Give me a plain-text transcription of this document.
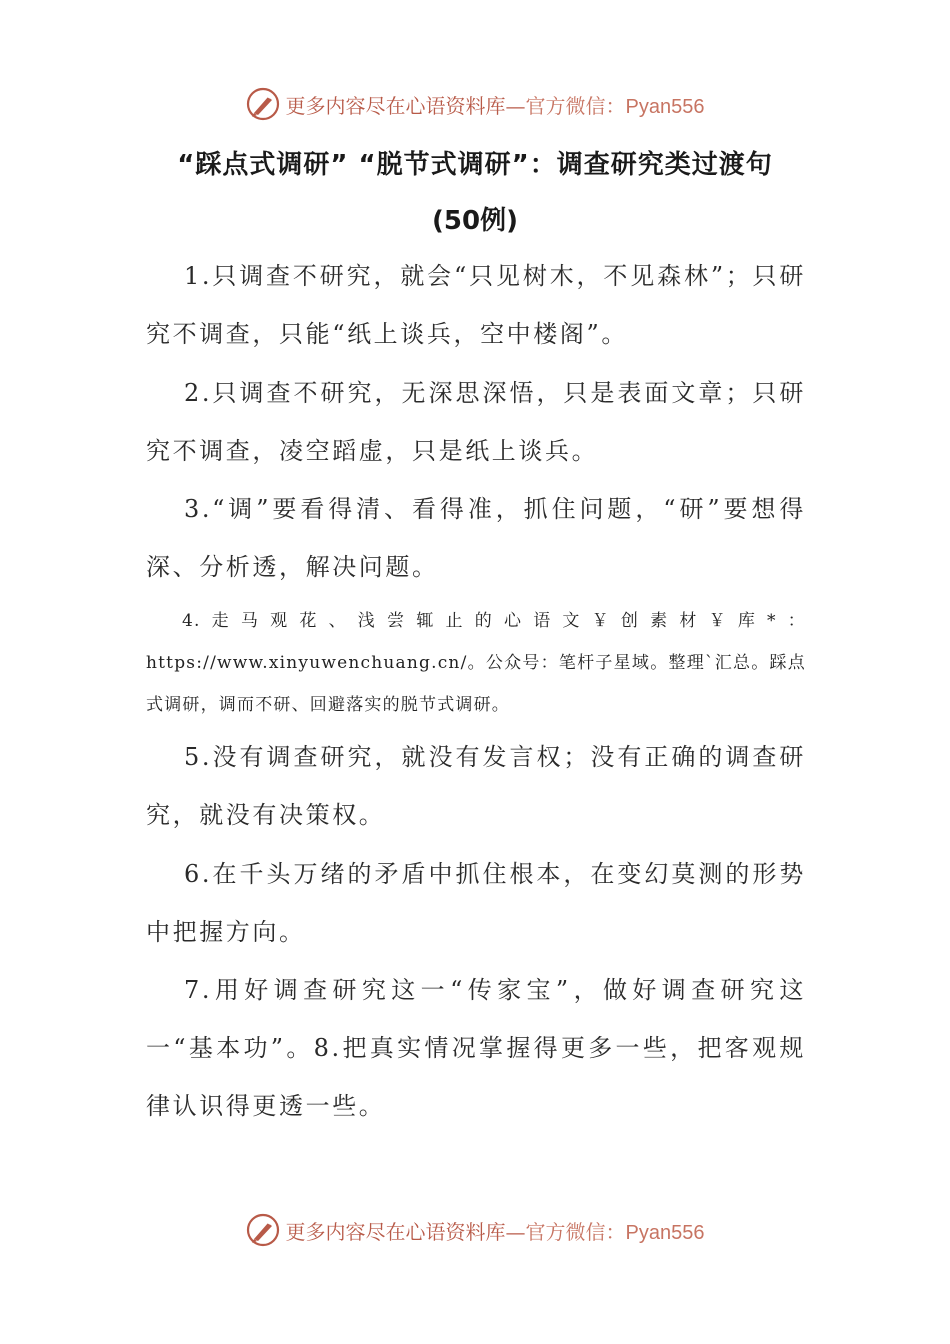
更多内容尽在心语资料库—官方微信：Pyan556
“踩点式调研” “脱节式调研”：调查研究类过渡句
(50例)
1.只调查不研究，就会“只见树木，不见森林”；只研究不调查，只能“纸上谈兵，空中楼阁”。
2.只调查不研究，无深思深悟，只是表面文章；只研究不调查，凌空蹈虚，只是纸上谈兵。
3.“调”要看得清、看得准，抓住问题，“研”要想得深、分析透，解决问题。
4.走马观花、浅尝辄止的心语文￥创素材￥库*：https://www.xinyuwenchuang.cn/。公众号：笔杆子星域。整理`汇总。踩点式调研，调而不研、回避落实的脱节式调研。
5.没有调查研究，就没有发言权；没有正确的调查研究，就没有决策权。
6.在千头万绪的矛盾中抓住根本，在变幻莫测的形势中把握方向。
7.用好调查研究这一“传家宝”，做好调查研究这一“基本功”。8.把真实情况掌握得更多一些，把客观规律认识得更透一些。
更多内容尽在心语资料库—官方微信：Pyan556
